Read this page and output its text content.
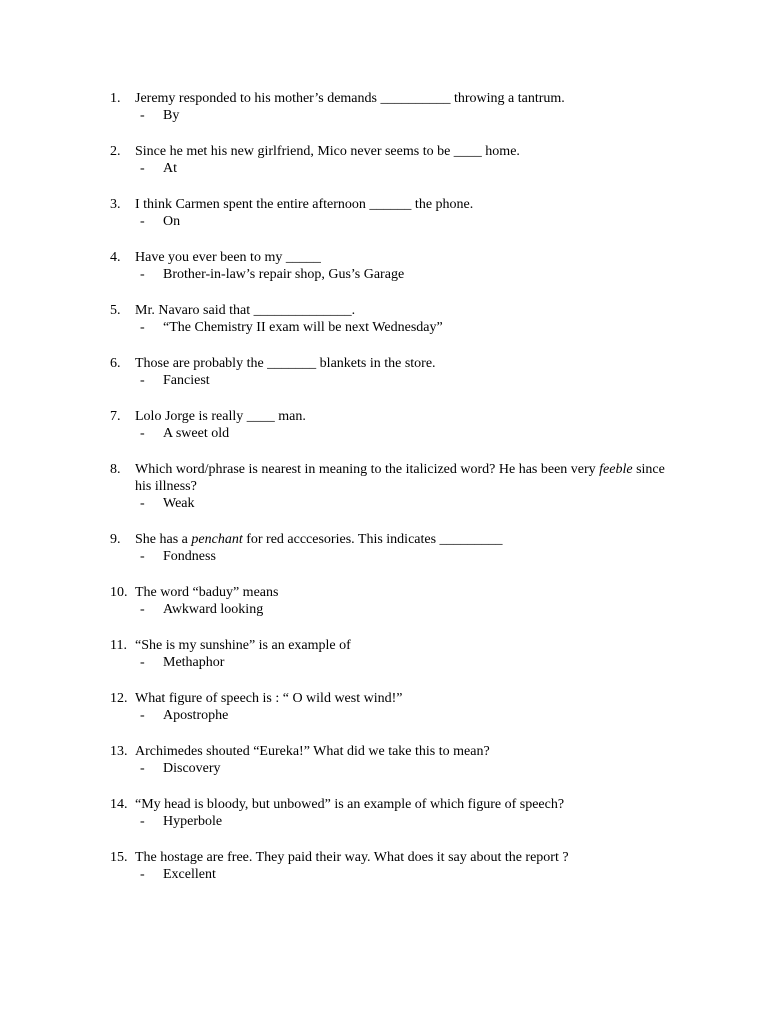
1.	Jeremy responded to his mother’s demands __________ throwing a tantrum.
-	By
2.	Since he met his new girlfriend, Mico never seems to be ____ home.
-	At
3.	I think Carmen spent the entire afternoon ______ the phone.
-	On
4.	Have you ever been to my _____
-	Brother-in-law’s repair shop, Gus’s Garage
5.	Mr. Navaro said that ______________.
-	“The Chemistry II exam will be next Wednesday”
6.	Those are probably the _______ blankets in the store.
-	Fanciest
7.	Lolo Jorge is really ____ man.
-	A sweet old
8.	Which word/phrase is nearest in meaning to the italicized word? He has been very feeble since his illness?
-	Weak
9.	She has a penchant for red acccesories. This indicates _________
-	Fondness
10. The word “baduy” means
-	Awkward looking
11. “She is my sunshine” is an example of
-	Methaphor
12. What figure of speech is : “ O wild west wind!”
-	Apostrophe
13. Archimedes shouted “Eureka!” What did we take this to mean?
-	Discovery
14. “My head is bloody, but unbowed” is an example of which figure of speech?
-	Hyperbole
15. The hostage are free. They paid their way. What does it say about the report ?
-	Excellent
